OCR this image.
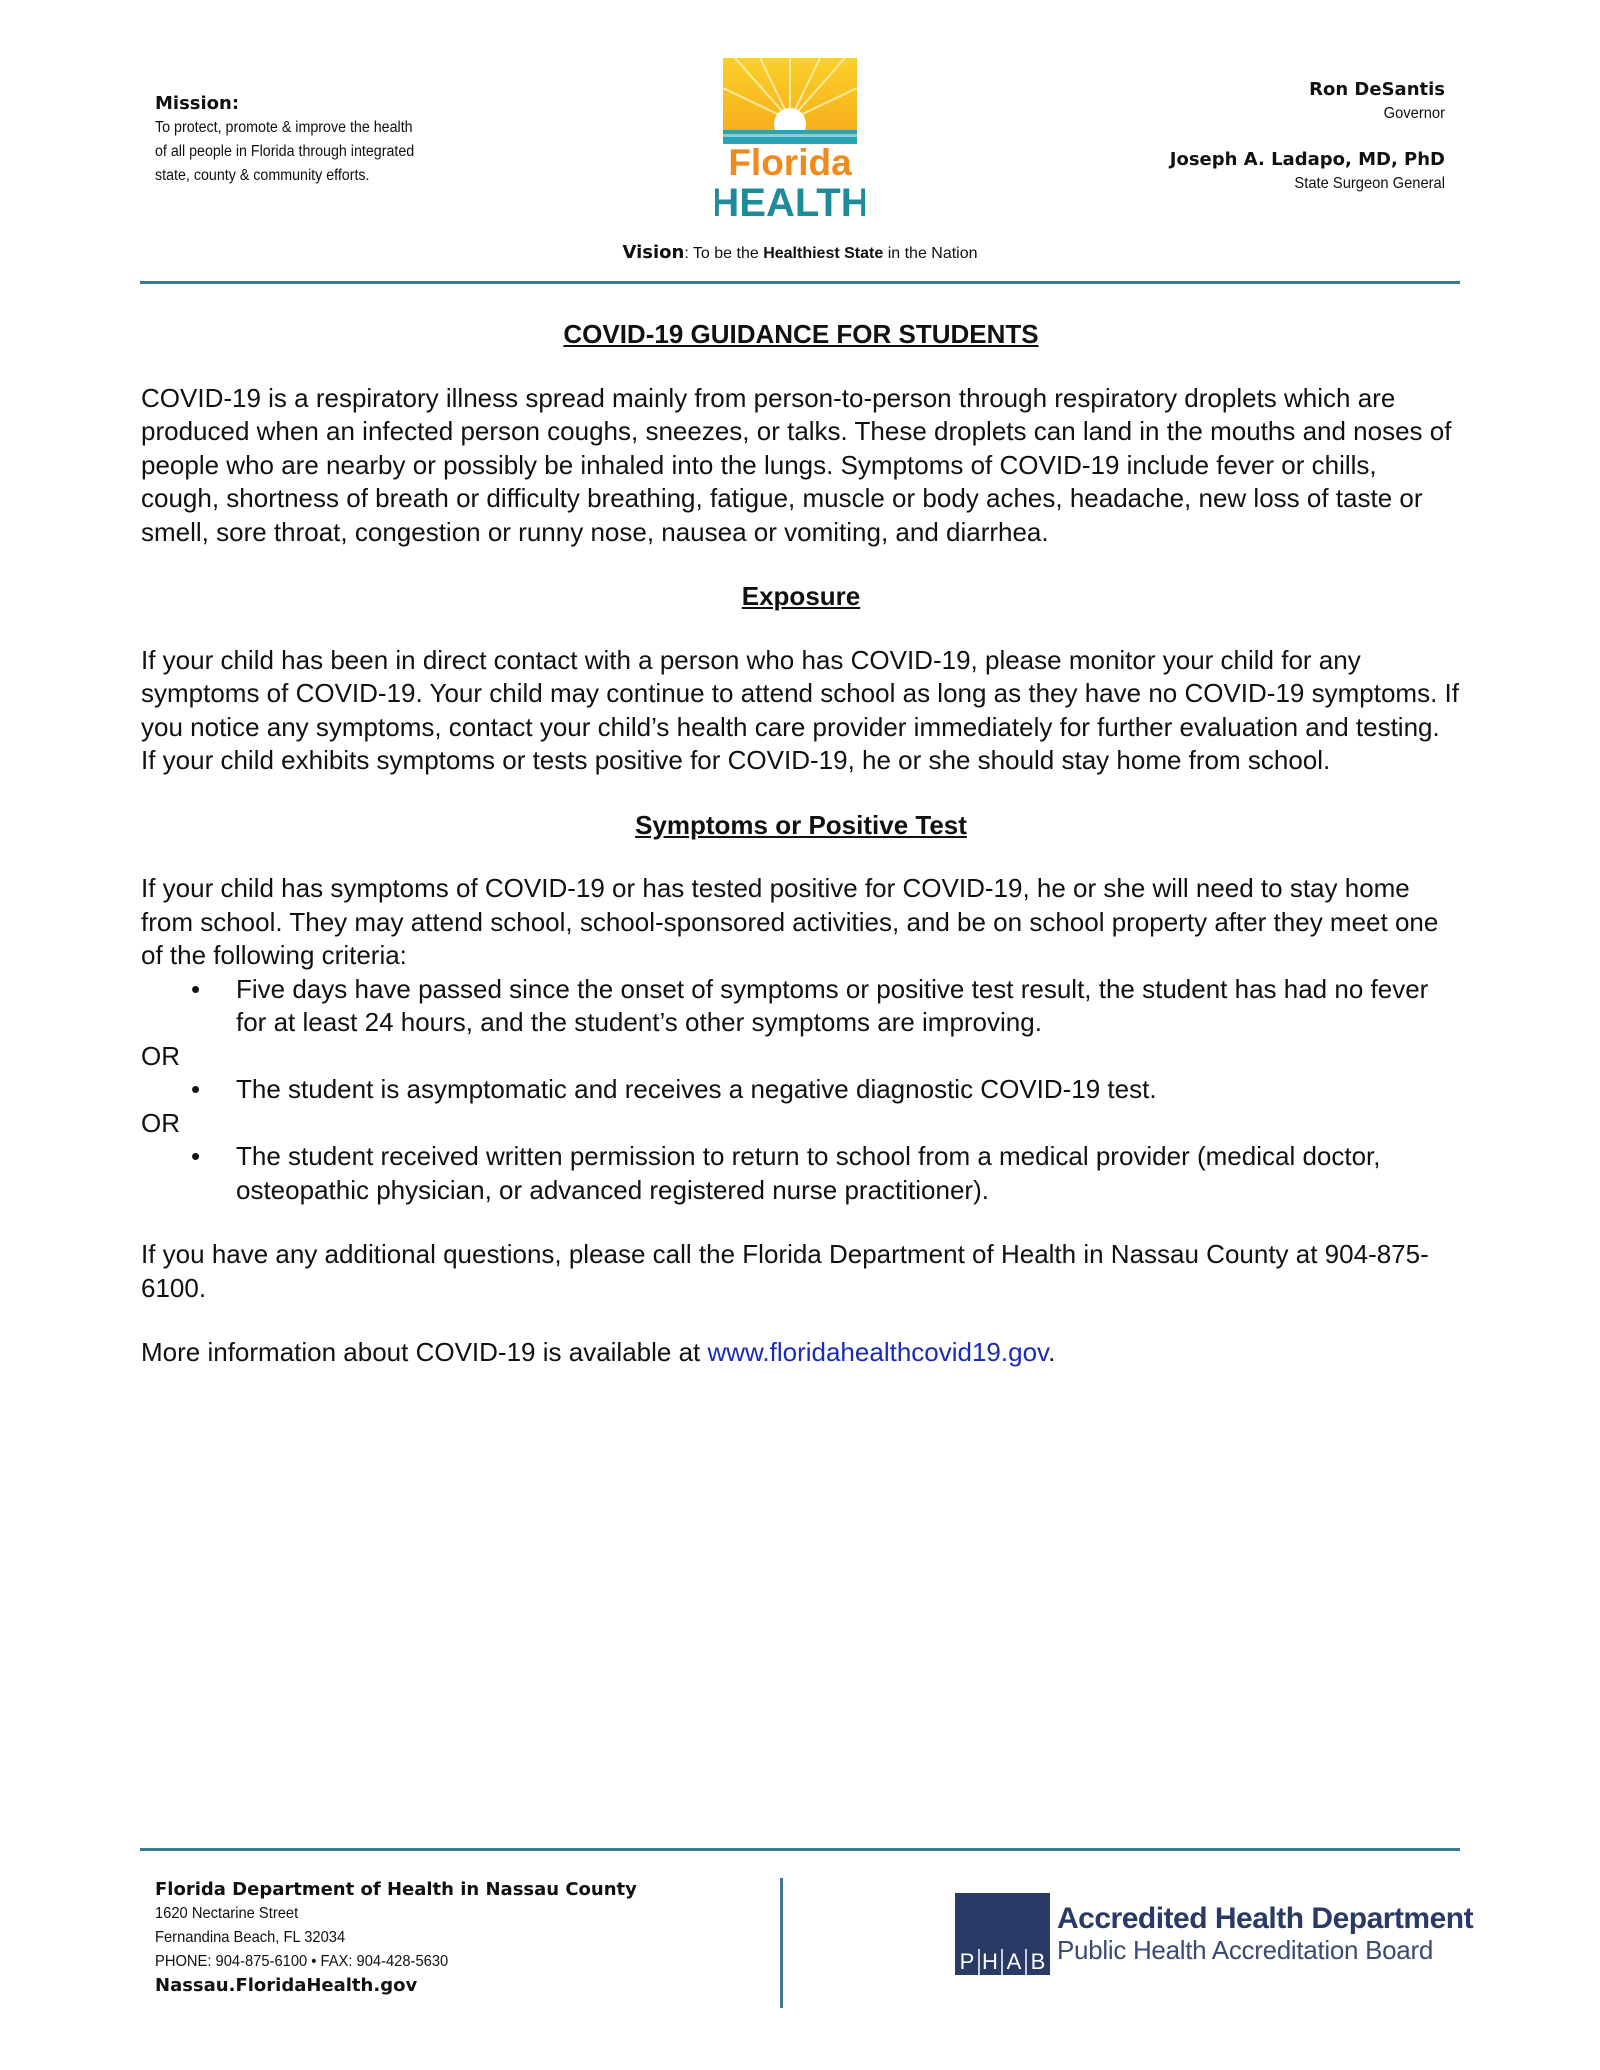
Mission:
To protect, promote & improve the health
of all people in Florida through integrated
state, county & community efforts.	Florida
HEALTH
Ron DeSantis
Governor
Joseph A. Ladapo, MD, PhD
State Surgeon General
Vision: To be the Healthiest State in the Nation

COVID-19 GUIDANCE FOR STUDENTS

COVID-19 is a respiratory illness spread mainly from person-to-person through respiratory droplets which are produced when an infected person coughs, sneezes, or talks. These droplets can land in the mouths and noses of people who are nearby or possibly be inhaled into the lungs. Symptoms of COVID-19 include fever or chills, cough, shortness of breath or difficulty breathing, fatigue, muscle or body aches, headache, new loss of taste or smell, sore throat, congestion or runny nose, nausea or vomiting, and diarrhea.

Exposure

If your child has been in direct contact with a person who has COVID-19, please monitor your child for any symptoms of COVID-19. Your child may continue to attend school as long as they have no COVID-19 symptoms. If you notice any symptoms, contact your child’s health care provider immediately for further evaluation and testing. If your child exhibits symptoms or tests positive for COVID-19, he or she should stay home from school.

Symptoms or Positive Test

If your child has symptoms of COVID-19 or has tested positive for COVID-19, he or she will need to stay home from school. They may attend school, school-sponsored activities, and be on school property after they meet one of the following criteria:

• Five days have passed since the onset of symptoms or positive test result, the student has had no fever for at least 24 hours, and the student’s other symptoms are improving.

OR

• The student is asymptomatic and receives a negative diagnostic COVID-19 test.

OR

• The student received written permission to return to school from a medical provider (medical doctor, osteopathic physician, or advanced registered nurse practitioner).

If you have any additional questions, please call the Florida Department of Health in Nassau County at 904-875-6100.

More information about COVID-19 is available at www.floridahealthcovid19.gov.

Florida Department of Health in Nassau County
1620 Nectarine Street
Fernandina Beach, FL 32034
PHONE: 904-875-6100 • FAX: 904-428-5630
Nassau.FloridaHealth.gov
P H A B
Accredited Health Department
Public Health Accreditation Board
